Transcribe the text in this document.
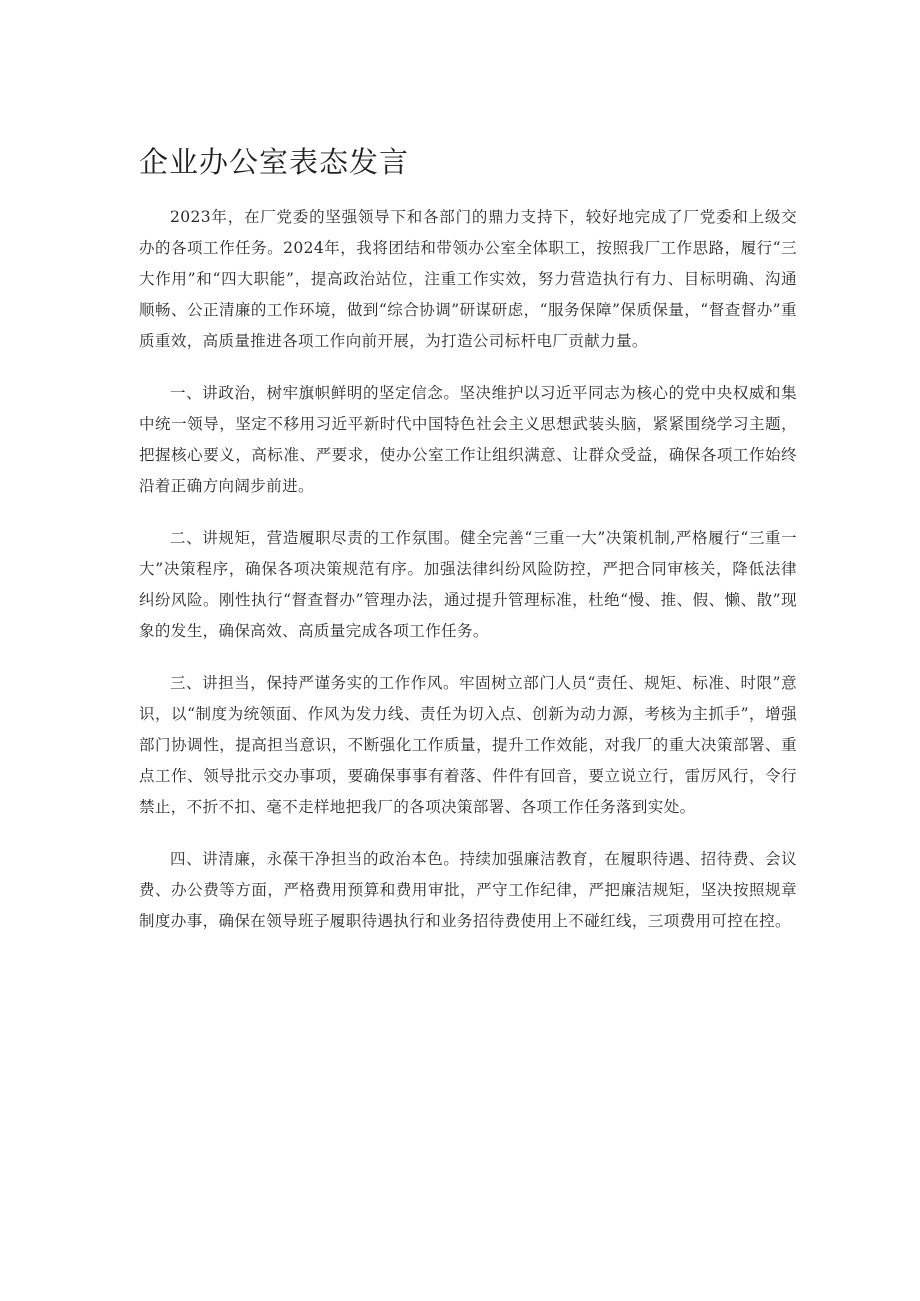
企业办公室表态发言

2023年，在厂党委的坚强领导下和各部门的鼎力支持下，较好地完成了厂党委和上级交办的各项工作任务。2024年，我将团结和带领办公室全体职工，按照我厂工作思路，履行“三大作用”和“四大职能”，提高政治站位，注重工作实效，努力营造执行有力、目标明确、沟通顺畅、公正清廉的工作环境，做到“综合协调”研谋研虑，“服务保障”保质保量，“督查督办”重质重效，高质量推进各项工作向前开展，为打造公司标杆电厂贡献力量。

一、讲政治，树牢旗帜鲜明的坚定信念。坚决维护以习近平同志为核心的党中央权威和集中统一领导，坚定不移用习近平新时代中国特色社会主义思想武装头脑，紧紧围绕学习主题，把握核心要义，高标准、严要求，使办公室工作让组织满意、让群众受益，确保各项工作始终沿着正确方向阔步前进。

二、讲规矩，营造履职尽责的工作氛围。健全完善“三重一大”决策机制,严格履行“三重一大”决策程序，确保各项决策规范有序。加强法律纠纷风险防控，严把合同审核关，降低法律纠纷风险。刚性执行“督查督办”管理办法，通过提升管理标准，杜绝“慢、推、假、懒、散”现象的发生，确保高效、高质量完成各项工作任务。

三、讲担当，保持严谨务实的工作作风。牢固树立部门人员“责任、规矩、标准、时限”意识，以“制度为统领面、作风为发力线、责任为切入点、创新为动力源，考核为主抓手”，增强部门协调性，提高担当意识，不断强化工作质量，提升工作效能，对我厂的重大决策部署、重点工作、领导批示交办事项，要确保事事有着落、件件有回音，要立说立行，雷厉风行，令行禁止，不折不扣、毫不走样地把我厂的各项决策部署、各项工作任务落到实处。

四、讲清廉，永葆干净担当的政治本色。持续加强廉洁教育，在履职待遇、招待费、会议费、办公费等方面，严格费用预算和费用审批，严守工作纪律，严把廉洁规矩，坚决按照规章制度办事，确保在领导班子履职待遇执行和业务招待费使用上不碰红线，三项费用可控在控。
